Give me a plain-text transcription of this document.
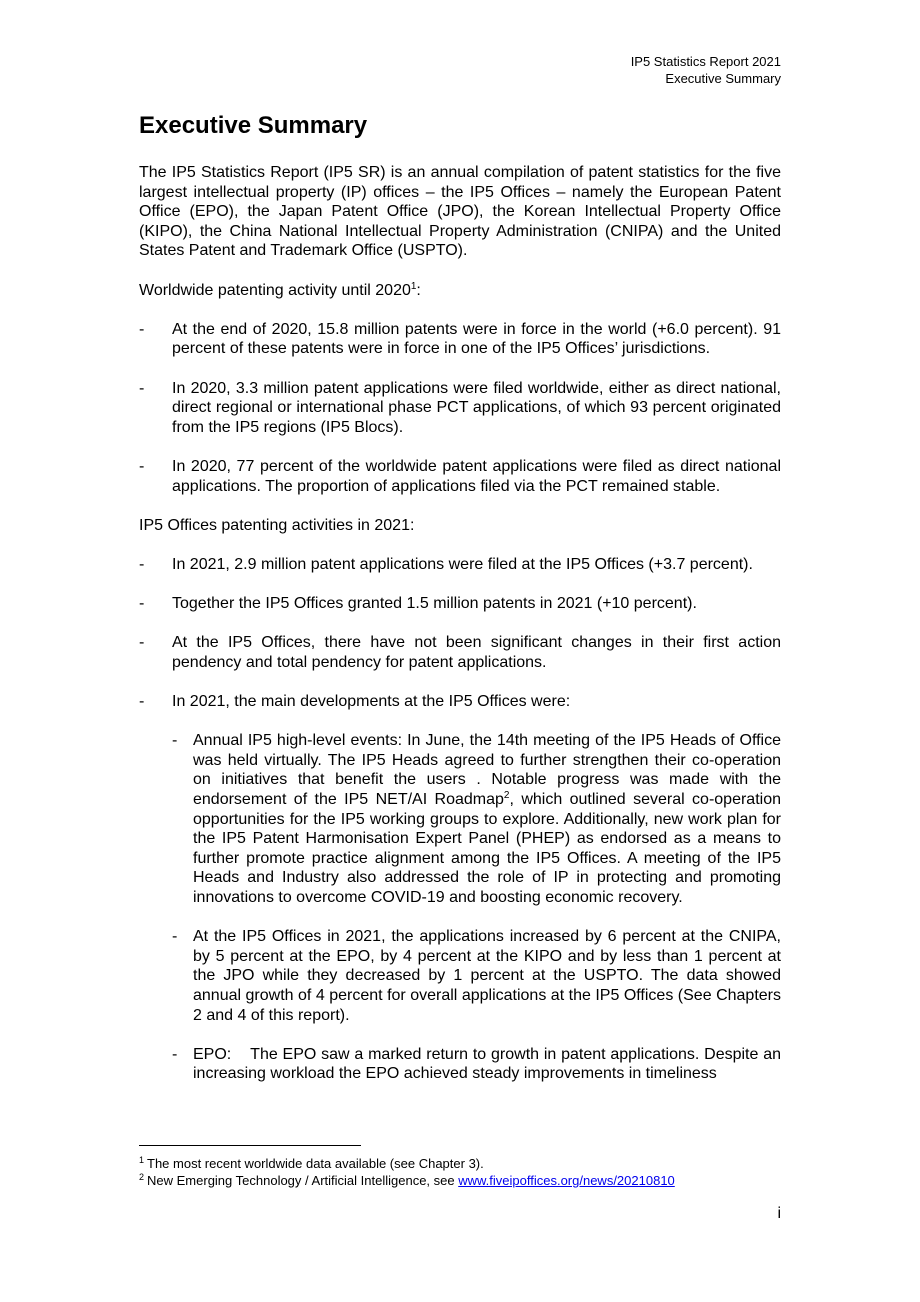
IP5 Statistics Report 2021
Executive Summary
Executive Summary

The IP5 Statistics Report (IP5 SR) is an annual compilation of patent statistics for the five largest intellectual property (IP) offices – the IP5 Offices – namely the European Patent Office (EPO), the Japan Patent Office (JPO), the Korean Intellectual Property Office (KIPO), the China National Intellectual Property Administration (CNIPA) and the United States Patent and Trademark Office (USPTO).

Worldwide patenting activity until 2020$^1$:

- At the end of 2020, 15.8 million patents were in force in the world (+6.0 percent). 91 percent of these patents were in force in one of the IP5 Offices’ jurisdictions.
- In 2020, 3.3 million patent applications were filed worldwide, either as direct national, direct regional or international phase PCT applications, of which 93 percent originated from the IP5 regions (IP5 Blocs).
- In 2020, 77 percent of the worldwide patent applications were filed as direct national applications. The proportion of applications filed via the PCT remained stable.

IP5 Offices patenting activities in 2021:

- In 2021, 2.9 million patent applications were filed at the IP5 Offices (+3.7 percent).
- Together the IP5 Offices granted 1.5 million patents in 2021 (+10 percent).
- At the IP5 Offices, there have not been significant changes in their first action pendency and total pendency for patent applications.
- In 2021, the main developments at the IP5 Offices were:
- Annual IP5 high-level events: In June, the 14th meeting of the IP5 Heads of Office was held virtually. The IP5 Heads agreed to further strengthen their co-operation on initiatives that benefit the users . Notable progress was made with the endorsement of the IP5 NET/AI Roadmap$^2$, which outlined several co-operation opportunities for the IP5 working groups to explore. Additionally, new work plan for the IP5 Patent Harmonisation Expert Panel (PHEP) as endorsed as a means to further promote practice alignment among the IP5 Offices. A meeting of the IP5 Heads and Industry also addressed the role of IP in protecting and promoting innovations to overcome COVID-19 and boosting economic recovery.
- At the IP5 Offices in 2021, the applications increased by 6 percent at the CNIPA, by 5 percent at the EPO, by 4 percent at the KIPO and by less than 1 percent at the JPO while they decreased by 1 percent at the USPTO. The data showed annual growth of 4 percent for overall applications at the IP5 Offices (See Chapters 2 and 4 of this report).
- EPO:    The EPO saw a marked return to growth in patent applications. Despite an increasing workload the EPO achieved steady improvements in timeliness
$^1$ The most recent worldwide data available (see Chapter 3).
$^2$ New Emerging Technology / Artificial Intelligence, see www.fiveipoffices.org/news/20210810
i
